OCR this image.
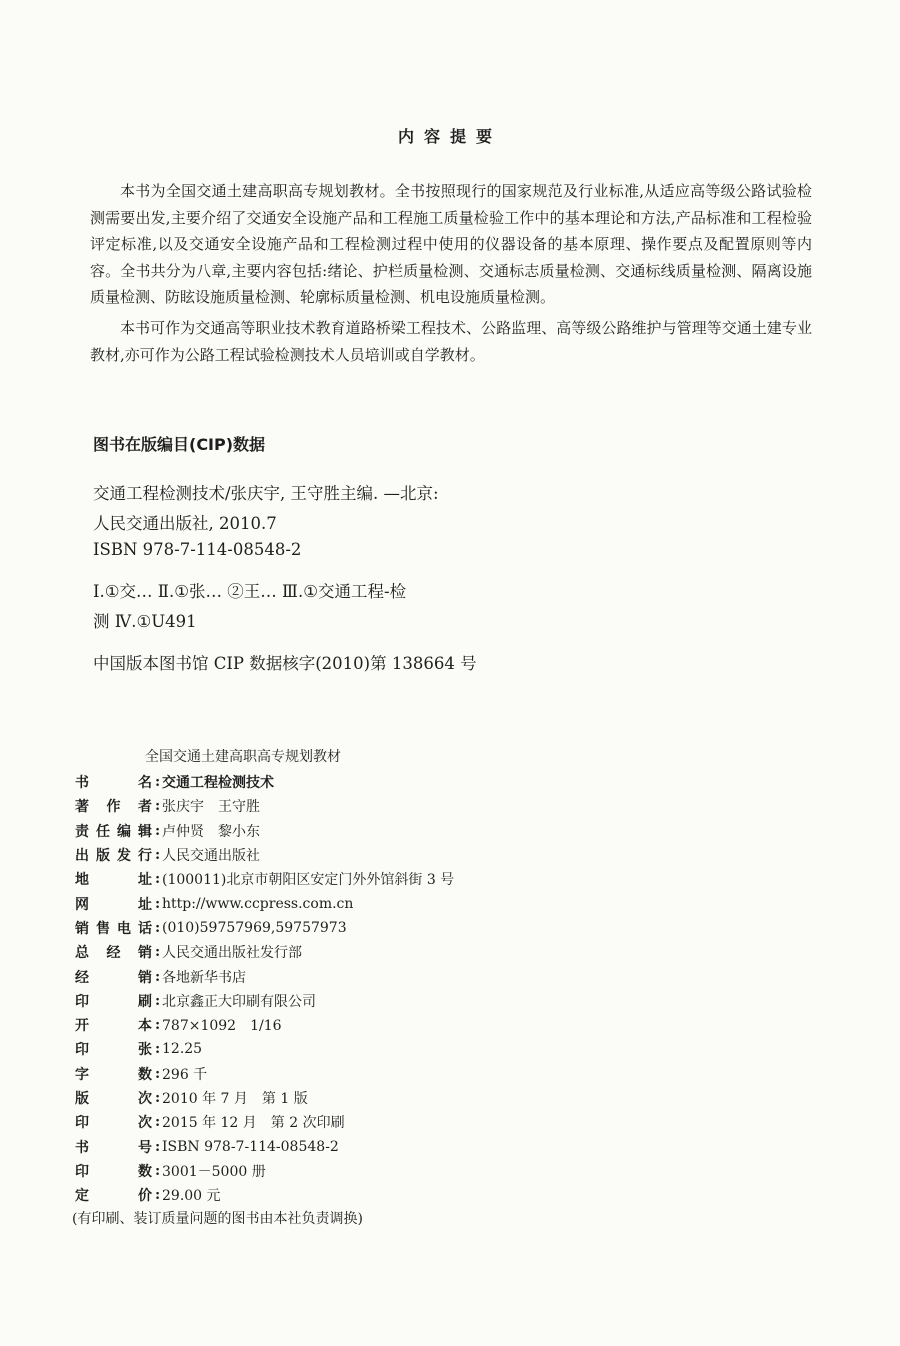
内容提要

本书为全国交通土建高职高专规划教材。全书按照现行的国家规范及行业标准,从适应高等级公路试验检测需要出发,主要介绍了交通安全设施产品和工程施工质量检验工作中的基本理论和方法,产品标准和工程检验评定标准,以及交通安全设施产品和工程检测过程中使用的仪器设备的基本原理、操作要点及配置原则等内容。全书共分为八章,主要内容包括:绪论、护栏质量检测、交通标志质量检测、交通标线质量检测、隔离设施质量检测、防眩设施质量检测、轮廓标质量检测、机电设施质量检测。

本书可作为交通高等职业技术教育道路桥梁工程技术、公路监理、高等级公路维护与管理等交通土建专业教材,亦可作为公路工程试验检测技术人员培训或自学教材。

图书在版编目(CIP)数据
交通工程检测技术/张庆宇, 王守胜主编. —北京:
人民交通出版社, 2010.7
ISBN 978-7-114-08548-2
Ⅰ.①交… Ⅱ.①张… ②王… Ⅲ.①交通工程-检
测 Ⅳ.①U491
中国版本图书馆 CIP 数据核字(2010)第 138664 号
全国交通土建高职高专规划教材
书名 : 交通工程检测技术
著作者 : 张庆宇　王守胜
责任编辑 : 卢仲贤　黎小东
出版发行 : 人民交通出版社
地址 : (100011)北京市朝阳区安定门外外馆斜街 3 号
网址 : http://www.ccpress.com.cn
销售电话 : (010)59757969,59757973
总经销 : 人民交通出版社发行部
经销 : 各地新华书店
印刷 : 北京鑫正大印刷有限公司
开本 : 787×1092　1/16
印张 : 12.25
字数 : 296 千
版次 : 2010 年 7 月　第 1 版
印次 : 2015 年 12 月　第 2 次印刷
书号 : ISBN 978-7-114-08548-2
印数 : 3001－5000 册
定价 : 29.00 元
(有印刷、装订质量问题的图书由本社负责调换)
